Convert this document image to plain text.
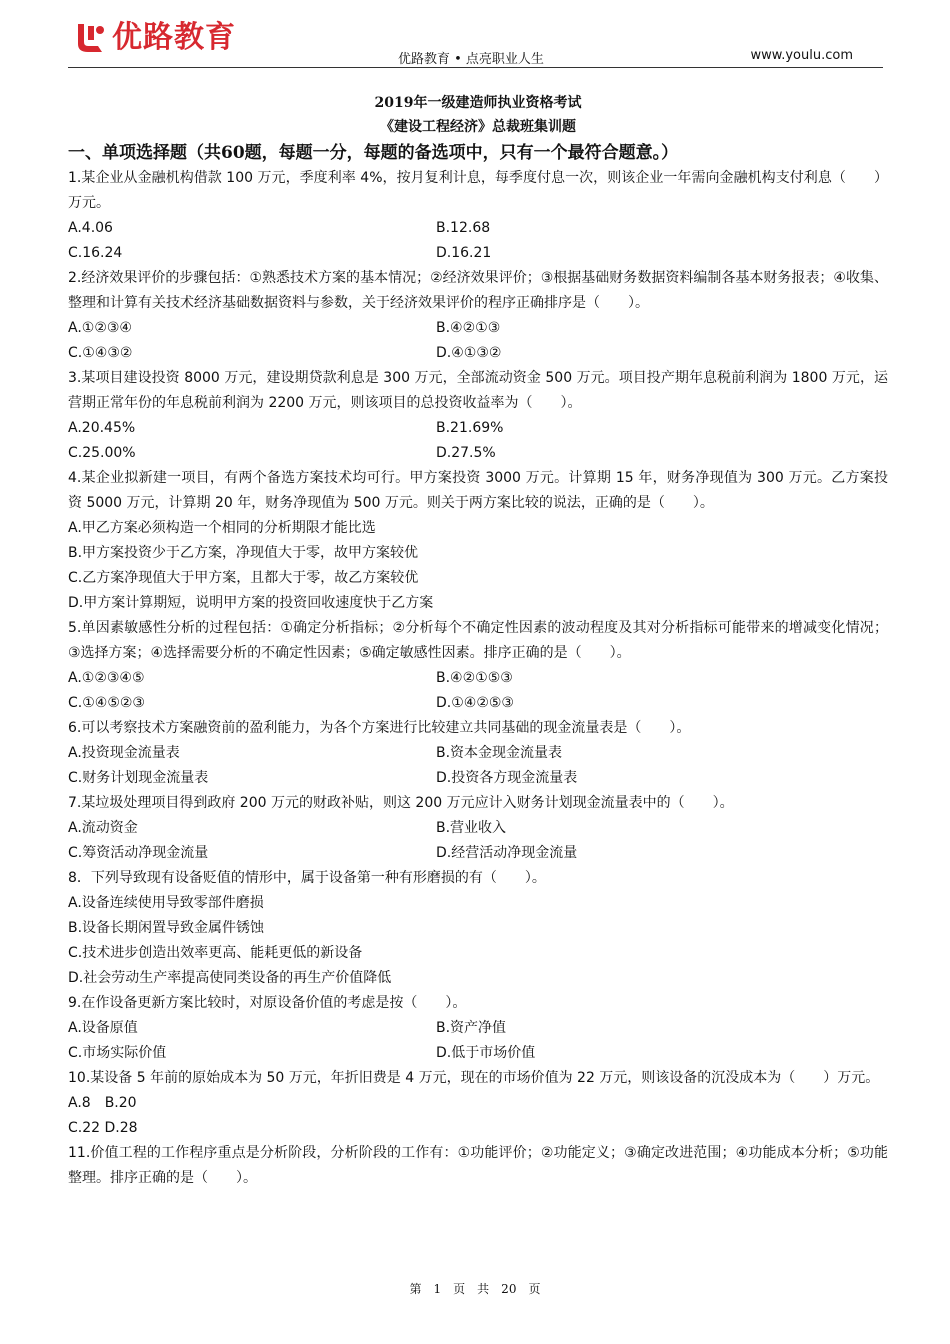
优路教育
优路教育 • 点亮职业人生	www.youlu.com
2019年一级建造师执业资格考试
《建设工程经济》总裁班集训题
一、单项选择题（共60题，每题一分，每题的备选项中，只有一个最符合题意。）
1.某企业从金融机构借款 100 万元，季度利率 4%，按月复利计息，每季度付息一次，则该企业一年需向金融机构支付利息（　　）万元。
A.4.06	B.12.68
C.16.24	D.16.21
2.经济效果评价的步骤包括：①熟悉技术方案的基本情况；②经济效果评价；③根据基础财务数据资料编制各基本财务报表；④收集、整理和计算有关技术经济基础数据资料与参数，关于经济效果评价的程序正确排序是（　　）。
A.①②③④	B.④②①③
C.①④③②	D.④①③②
3.某项目建设投资 8000 万元，建设期贷款利息是 300 万元，全部流动资金 500 万元。项目投产期年息税前利润为 1800 万元，运营期正常年份的年息税前利润为 2200 万元，则该项目的总投资收益率为（　　）。
A.20.45%	B.21.69%
C.25.00%	D.27.5%
4.某企业拟新建一项目，有两个备选方案技术均可行。甲方案投资 3000 万元。计算期 15 年，财务净现值为 300 万元。乙方案投资 5000 万元，计算期 20 年，财务净现值为 500 万元。则关于两方案比较的说法，正确的是（　　）。
A.甲乙方案必须构造一个相同的分析期限才能比选
B.甲方案投资少于乙方案，净现值大于零，故甲方案较优
C.乙方案净现值大于甲方案，且都大于零，故乙方案较优
D.甲方案计算期短，说明甲方案的投资回收速度快于乙方案
5.单因素敏感性分析的过程包括：①确定分析指标；②分析每个不确定性因素的波动程度及其对分析指标可能带来的增减变化情况；③选择方案；④选择需要分析的不确定性因素；⑤确定敏感性因素。排序正确的是（　　）。
A.①②③④⑤	B.④②①⑤③
C.①④⑤②③	D.①④②⑤③
6.可以考察技术方案融资前的盈利能力，为各个方案进行比较建立共同基础的现金流量表是（　　）。
A.投资现金流量表	B.资本金现金流量表
C.财务计划现金流量表	D.投资各方现金流量表
7.某垃圾处理项目得到政府 200 万元的财政补贴，则这 200 万元应计入财务计划现金流量表中的（　　）。
A.流动资金	B.营业收入
C.筹资活动净现金流量	D.经营活动净现金流量
8．下列导致现有设备贬值的情形中，属于设备第一种有形磨损的有（　　）。
A.设备连续使用导致零部件磨损
B.设备长期闲置导致金属件锈蚀
C.技术进步创造出效率更高、能耗更低的新设备
D.社会劳动生产率提高使同类设备的再生产价值降低
9.在作设备更新方案比较时，对原设备价值的考虑是按（　　）。
A.设备原值	B.资产净值
C.市场实际价值	D.低于市场价值
10.某设备 5 年前的原始成本为 50 万元，年折旧费是 4 万元，现在的市场价值为 22 万元，则该设备的沉没成本为（　　）万元。
A.8　B.20
C.22 D.28
11.价值工程的工作程序重点是分析阶段，分析阶段的工作有：①功能评价；②功能定义；③确定改进范围；④功能成本分析；⑤功能整理。排序正确的是（　　）。
第　1　页　共　20　页
